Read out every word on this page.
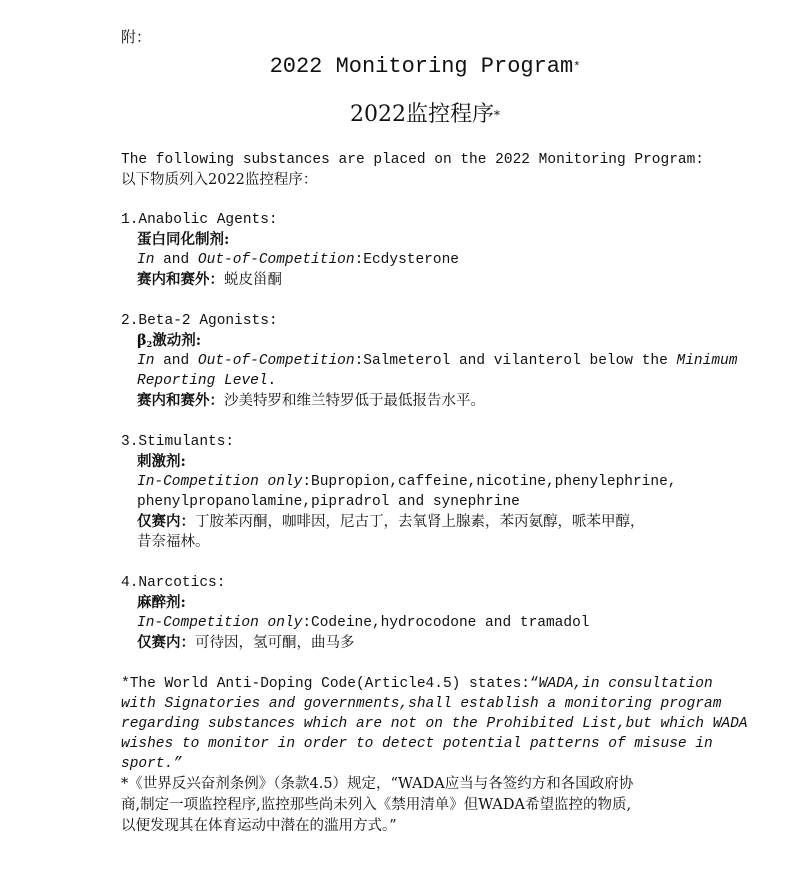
附：
2022 Monitoring Program*
2022监控程序*
The following substances are placed on the 2022 Monitoring Program:
以下物质列入2022监控程序：
1.Anabolic Agents:
蛋白同化制剂:
In and Out-of-Competition:Ecdysterone
赛内和赛外：蜕皮甾酮
2.Beta-2 Agonists:
β2激动剂:
In and Out-of-Competition:Salmeterol and vilanterol below the Minimum
Reporting Level.
赛内和赛外：沙美特罗和维兰特罗低于最低报告水平。
3.Stimulants:
刺激剂:
In-Competition only:Bupropion,caffeine,nicotine,phenylephrine,
phenylpropanolamine,pipradrol and synephrine
仅赛内：丁胺苯丙酮，咖啡因，尼古丁，去氧肾上腺素，苯丙氨醇，哌苯甲醇，
昔奈福林。
4.Narcotics:
麻醉剂:
In-Competition only:Codeine,hydrocodone and tramadol
仅赛内：可待因，氢可酮，曲马多
*The World Anti-Doping Code(Article4.5) states:“WADA,in consultation
with Signatories and governments,shall establish a monitoring program
regarding substances which are not on the Prohibited List,but which WADA
wishes to monitor in order to detect potential patterns of misuse in
sport.”
*《世界反兴奋剂条例》（条款4.5）规定，“WADA应当与各签约方和各国政府协
商,制定一项监控程序,监控那些尚未列入《禁用清单》但WADA希望监控的物质,
以便发现其在体育运动中潜在的滥用方式。”
